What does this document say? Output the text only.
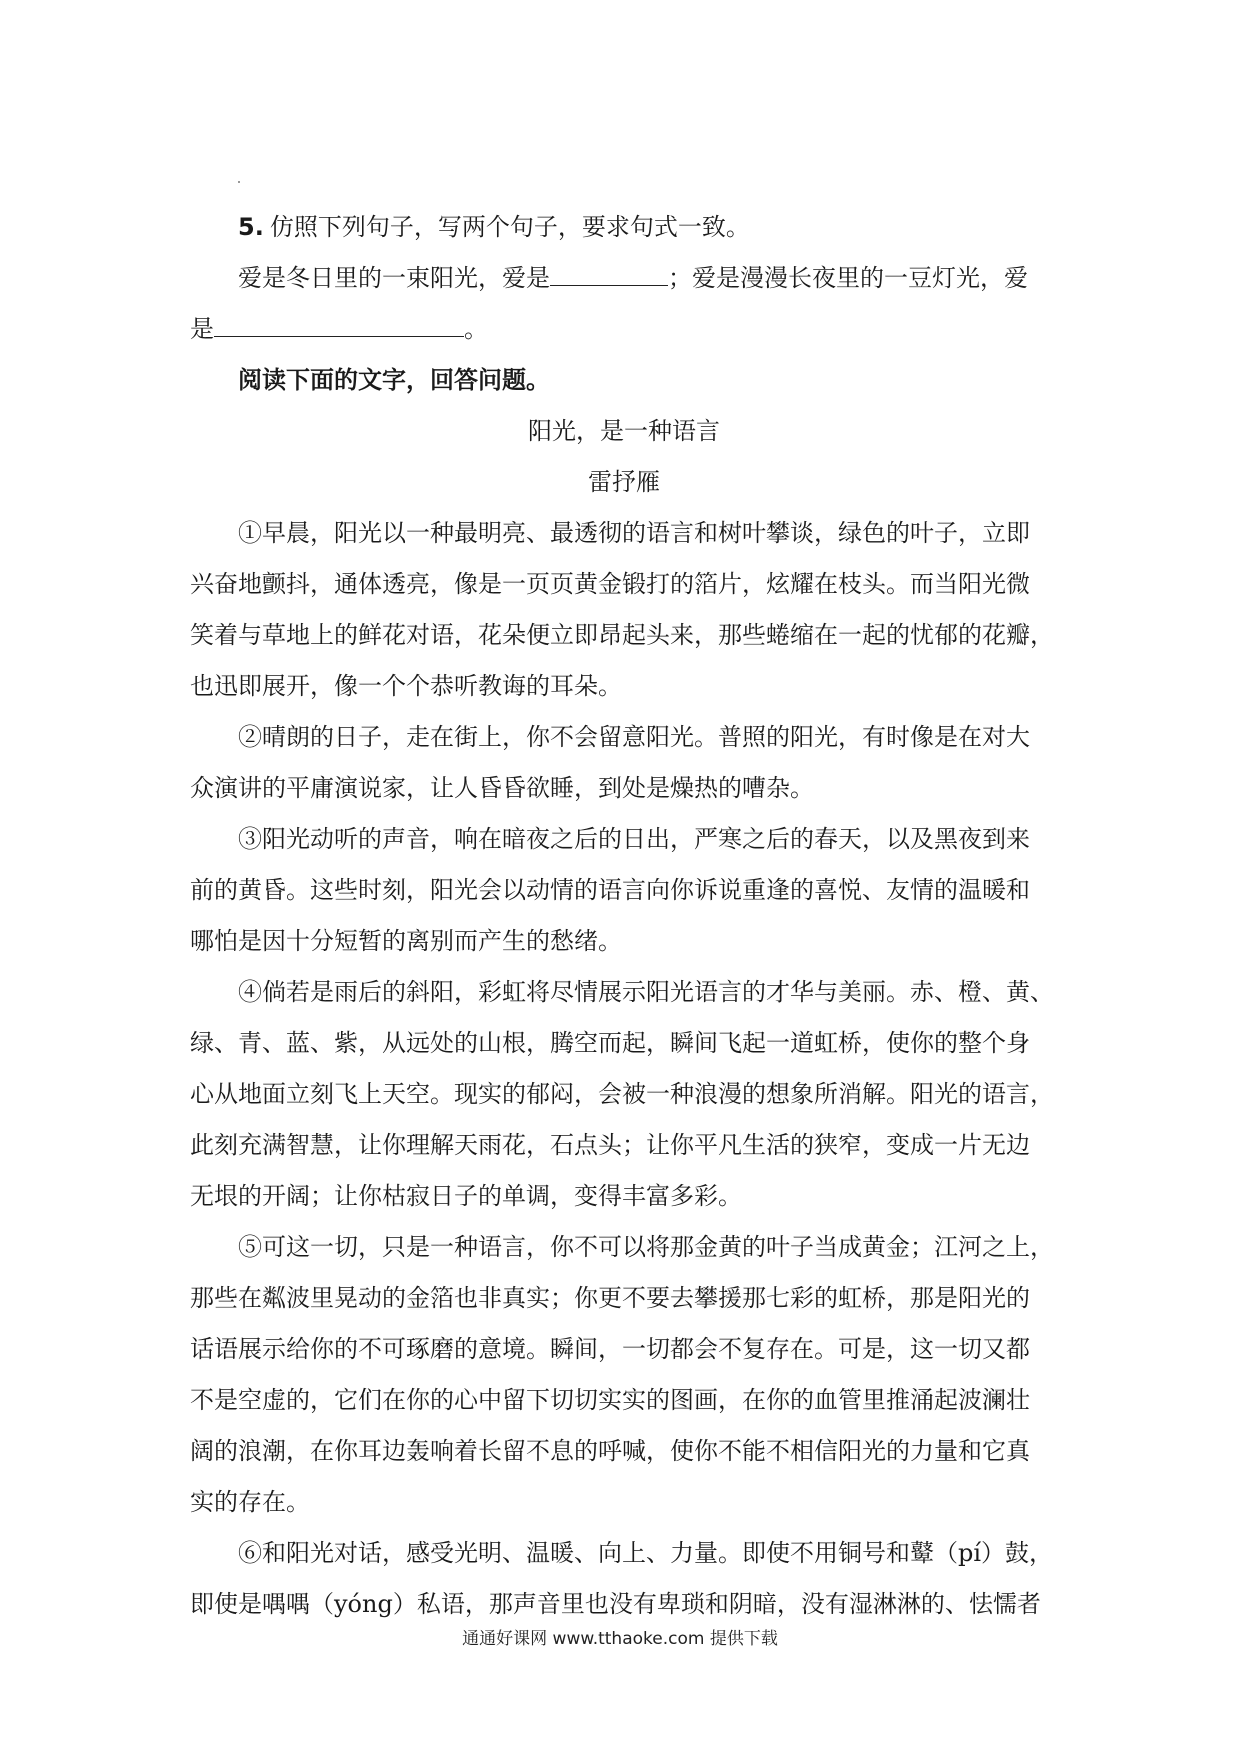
5. 仿照下列句子，写两个句子，要求句式一致。
爱是冬日里的一束阳光，爱是	；爱是漫漫长夜里的一豆灯光，爱
是	。
阅读下面的文字，回答问题。
阳光，是一种语言
雷抒雁
①早晨，阳光以一种最明亮、最透彻的语言和树叶攀谈，绿色的叶子，立即
兴奋地颤抖，通体透亮，像是一页页黄金锻打的箔片，炫耀在枝头。而当阳光微
笑着与草地上的鲜花对语，花朵便立即昂起头来，那些蜷缩在一起的忧郁的花瓣，
也迅即展开，像一个个恭听教诲的耳朵。
②晴朗的日子，走在街上，你不会留意阳光。普照的阳光，有时像是在对大
众演讲的平庸演说家，让人昏昏欲睡，到处是燥热的嘈杂。
③阳光动听的声音，响在暗夜之后的日出，严寒之后的春天，以及黑夜到来
前的黄昏。这些时刻，阳光会以动情的语言向你诉说重逢的喜悦、友情的温暖和
哪怕是因十分短暂的离别而产生的愁绪。
④倘若是雨后的斜阳，彩虹将尽情展示阳光语言的才华与美丽。赤、橙、黄、
绿、青、蓝、紫，从远处的山根，腾空而起，瞬间飞起一道虹桥，使你的整个身
心从地面立刻飞上天空。现实的郁闷，会被一种浪漫的想象所消解。阳光的语言，
此刻充满智慧，让你理解天雨花，石点头；让你平凡生活的狭窄，变成一片无边
无垠的开阔；让你枯寂日子的单调，变得丰富多彩。
⑤可这一切，只是一种语言，你不可以将那金黄的叶子当成黄金；江河之上，
那些在粼波里晃动的金箔也非真实；你更不要去攀援那七彩的虹桥，那是阳光的
话语展示给你的不可琢磨的意境。瞬间，一切都会不复存在。可是，这一切又都
不是空虚的，它们在你的心中留下切切实实的图画，在你的血管里推涌起波澜壮
阔的浪潮，在你耳边轰响着长留不息的呼喊，使你不能不相信阳光的力量和它真
实的存在。
⑥和阳光对话，感受光明、温暖、向上、力量。即使不用铜号和鼙（pí）鼓，
即使是喁喁（yóng）私语，那声音里也没有卑琐和阴暗，没有湿淋淋的、怯懦者
通通好课网 www.tthaoke.com 提供下载
